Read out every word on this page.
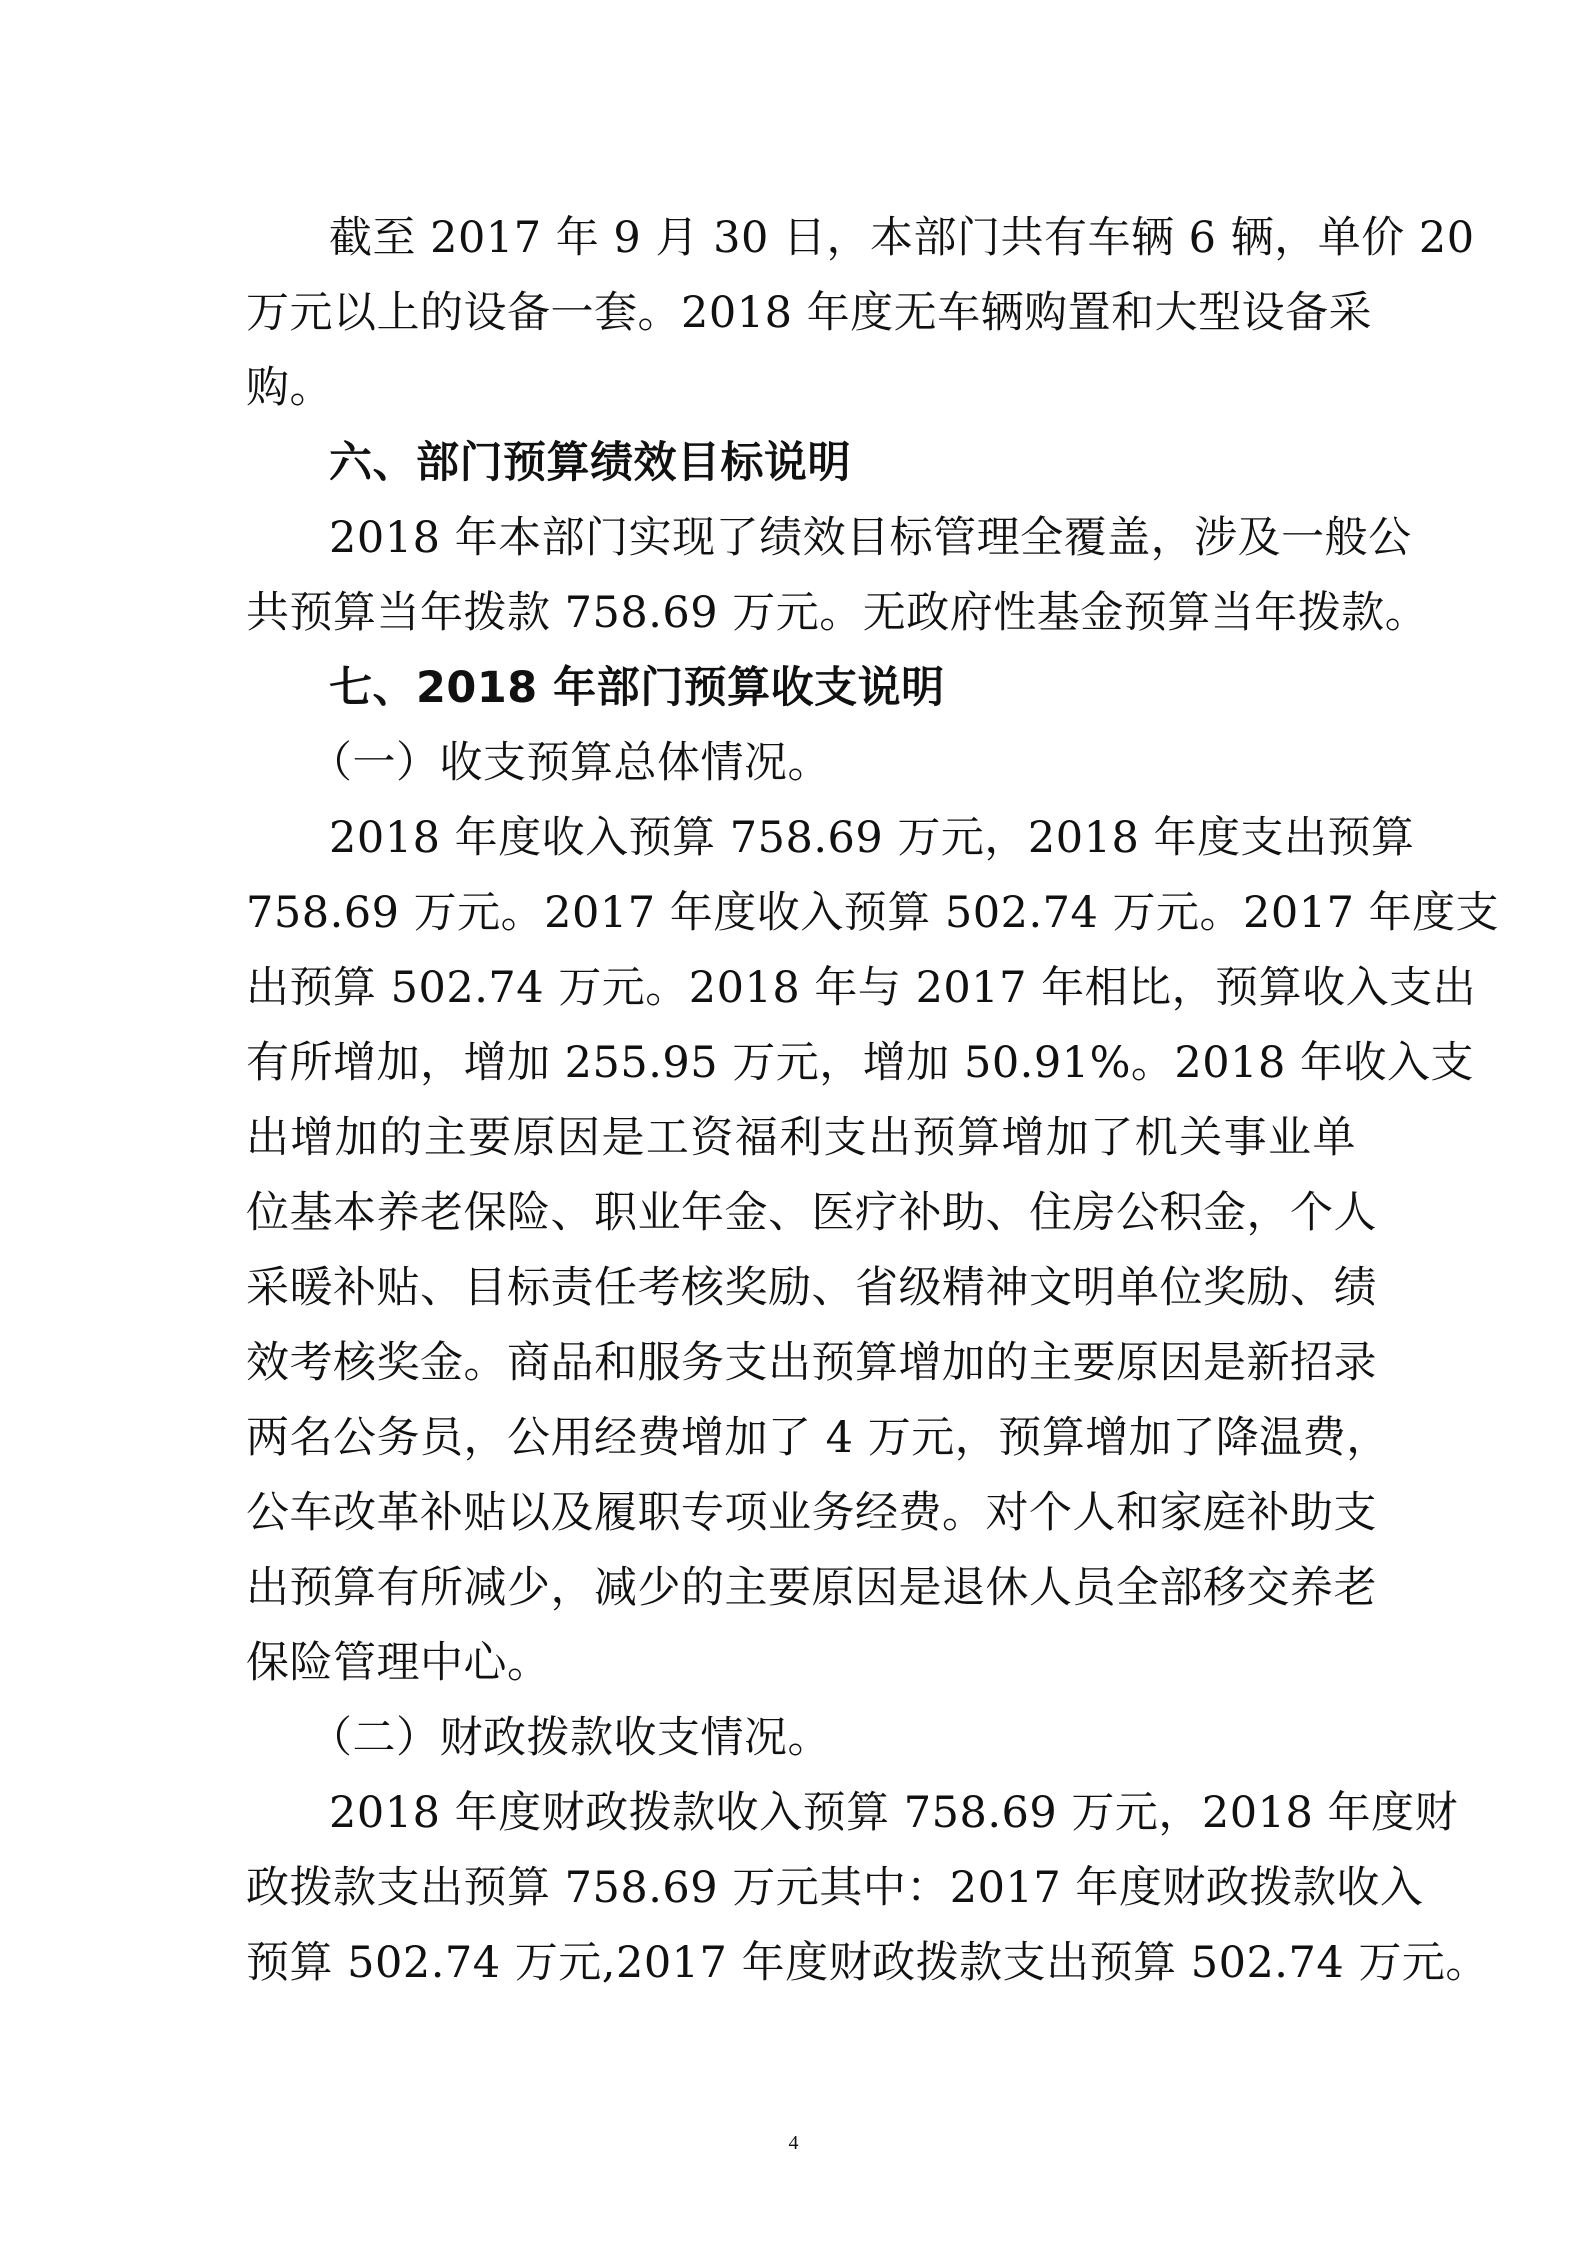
截至 2017 年 9 月 30 日，本部门共有车辆 6 辆，单价 20
万元以上的设备一套。2018 年度无车辆购置和大型设备采
购。
六、部门预算绩效目标说明
2018 年本部门实现了绩效目标管理全覆盖，涉及一般公
共预算当年拨款 758.69 万元。无政府性基金预算当年拨款。
七、2018 年部门预算收支说明
（一）收支预算总体情况。
2018 年度收入预算 758.69 万元，2018 年度支出预算
758.69 万元。2017 年度收入预算 502.74 万元。2017 年度支
出预算 502.74 万元。2018 年与 2017 年相比，预算收入支出
有所增加，增加 255.95 万元，增加 50.91%。2018 年收入支
出增加的主要原因是工资福利支出预算增加了机关事业单
位基本养老保险、职业年金、医疗补助、住房公积金，个人
采暖补贴、目标责任考核奖励、省级精神文明单位奖励、绩
效考核奖金。商品和服务支出预算增加的主要原因是新招录
两名公务员，公用经费增加了 4 万元，预算增加了降温费，
公车改革补贴以及履职专项业务经费。对个人和家庭补助支
出预算有所减少，减少的主要原因是退休人员全部移交养老
保险管理中心。
（二）财政拨款收支情况。
2018 年度财政拨款收入预算 758.69 万元，2018 年度财
政拨款支出预算 758.69 万元其中：2017 年度财政拨款收入
预算 502.74 万元,2017 年度财政拨款支出预算 502.74 万元。
4
